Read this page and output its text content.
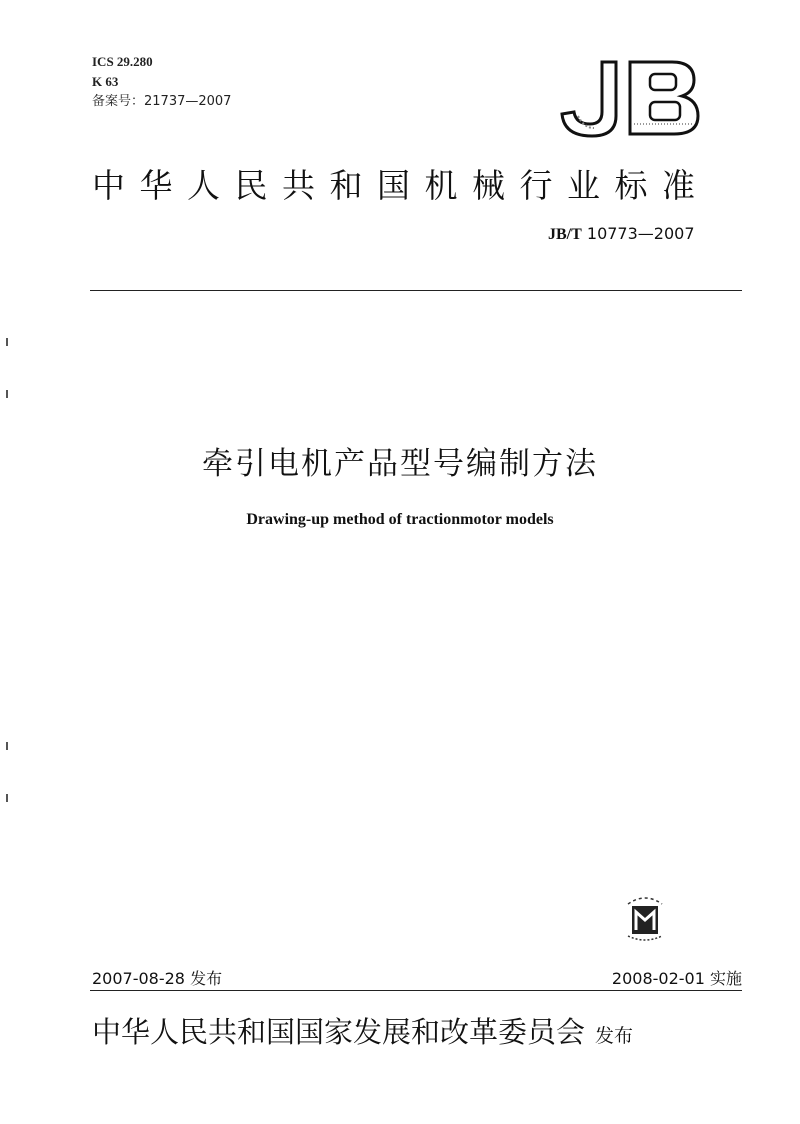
ICS 29.280
K 63
备案号：21737—2007
中华人民共和国机械行业标准
JB/T 10773—2007
牵引电机产品型号编制方法
Drawing-up method of tractionmotor models
2007-08-28 发布	2008-02-01 实施
中华人民共和国国家发展和改革委员会 发布
